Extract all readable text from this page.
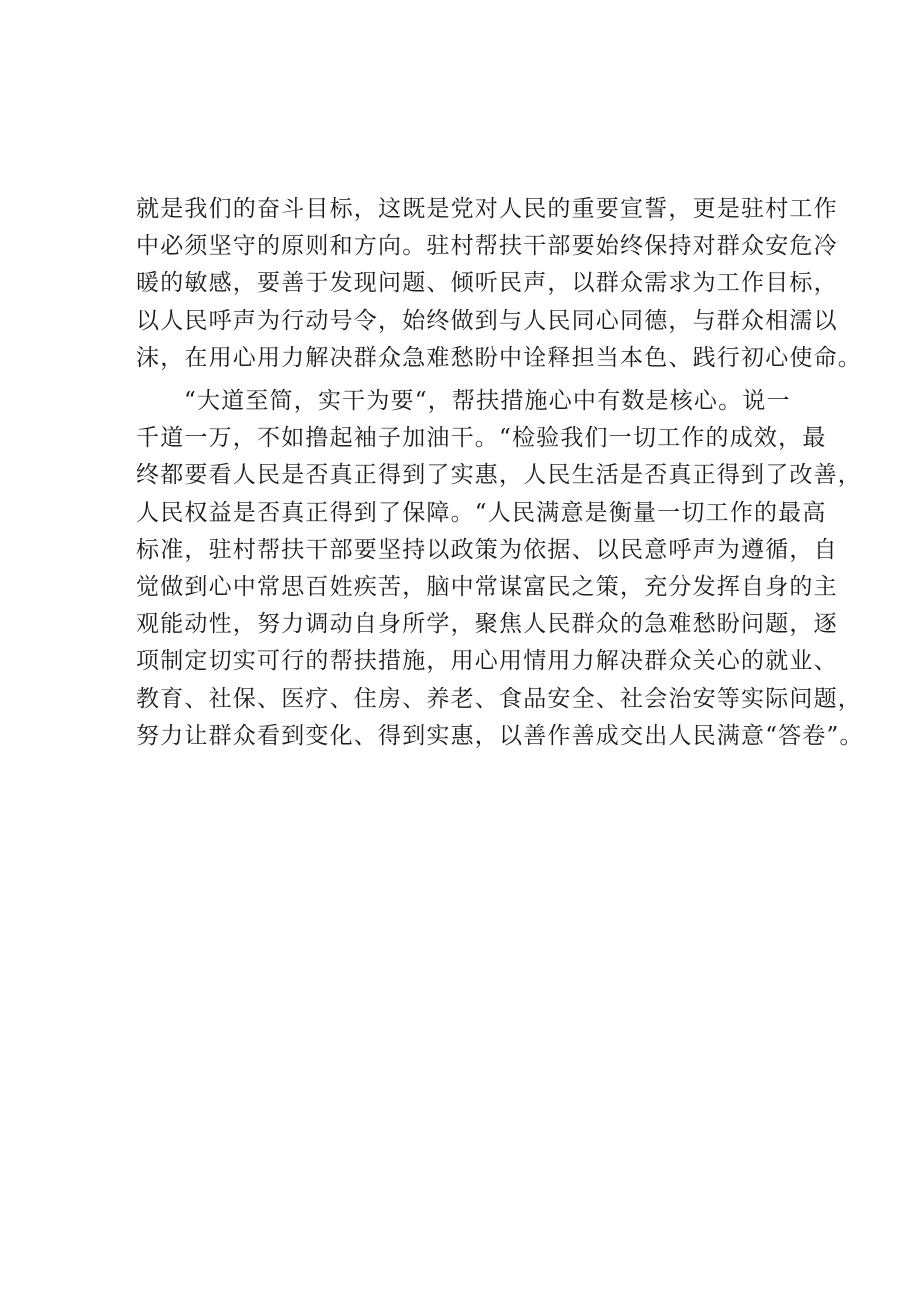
就是我们的奋斗目标，这既是党对人民的重要宣誓，更是驻村工作
中必须坚守的原则和方向。驻村帮扶干部要始终保持对群众安危冷
暖的敏感，要善于发现问题、倾听民声，以群众需求为工作目标，
以人民呼声为行动号令，始终做到与人民同心同德，与群众相濡以
沫，在用心用力解决群众急难愁盼中诠释担当本色、践行初心使命。
“大道至简，实干为要“，帮扶措施心中有数是核心。说一
千道一万，不如撸起袖子加油干。“检验我们一切工作的成效，最
终都要看人民是否真正得到了实惠，人民生活是否真正得到了改善，
人民权益是否真正得到了保障。“人民满意是衡量一切工作的最高
标准，驻村帮扶干部要坚持以政策为依据、以民意呼声为遵循，自
觉做到心中常思百姓疾苦，脑中常谋富民之策，充分发挥自身的主
观能动性，努力调动自身所学，聚焦人民群众的急难愁盼问题，逐
项制定切实可行的帮扶措施，用心用情用力解决群众关心的就业、
教育、社保、医疗、住房、养老、食品安全、社会治安等实际问题，
努力让群众看到变化、得到实惠，以善作善成交出人民满意“答卷”。
